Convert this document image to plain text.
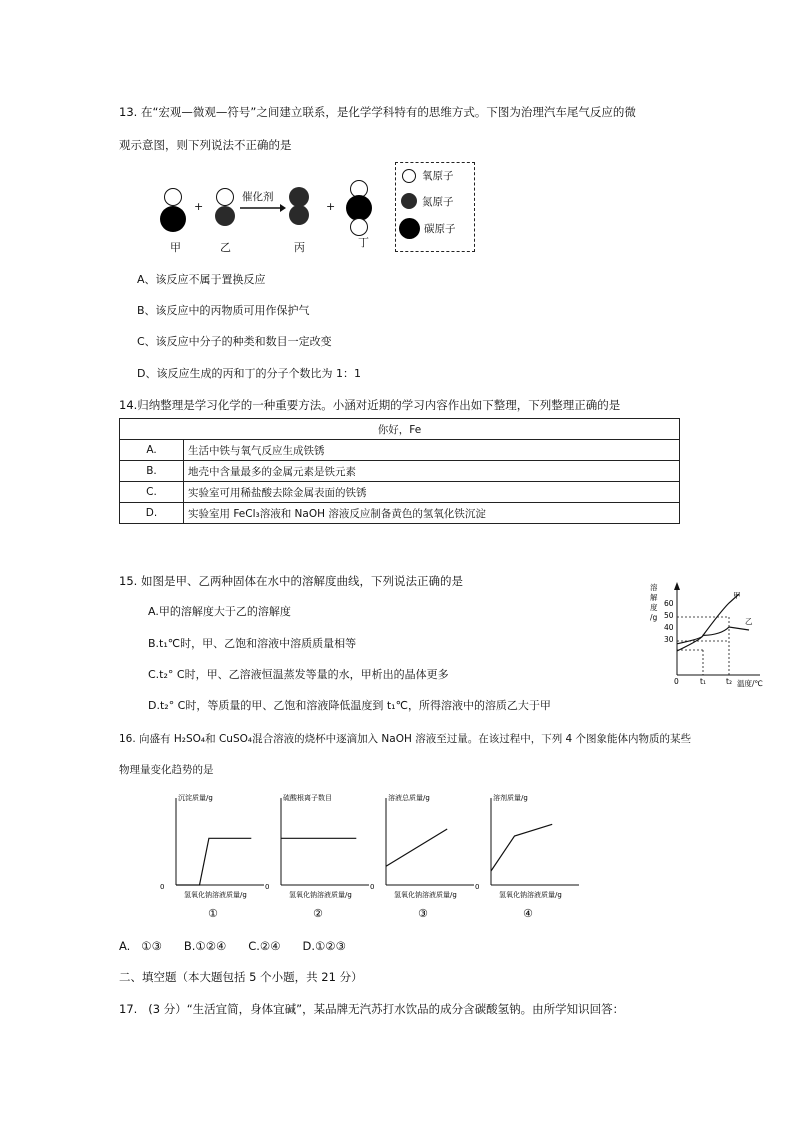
13. 在“宏观—微观—符号”之间建立联系，是化学学科特有的思维方式。下图为治理汽车尾气反应的微
观示意图，则下列说法不正确的是
+
催化剂
+
甲	乙	丙	丁
氧原子
氮原子
碳原子
A、该反应不属于置换反应
B、该反应中的丙物质可用作保护气
C、该反应中分子的种类和数目一定改变
D、该反应生成的丙和丁的分子个数比为 1：1
14.归纳整理是学习化学的一种重要方法。小涵对近期的学习内容作出如下整理，下列整理正确的是
你好，Fe	
A.	生活中铁与氧气反应生成铁锈
B.	地壳中含量最多的金属元素是铁元素
C.	实验室可用稀盐酸去除金属表面的铁锈
D.	实验室用 FeCl₃溶液和 NaOH 溶液反应制备黄色的氢氧化铁沉淀
15. 如图是甲、乙两种固体在水中的溶解度曲线，下列说法正确的是
A.甲的溶解度大于乙的溶解度
B.t₁℃时，甲、乙饱和溶液中溶质质量相等
C.t₂° C时，甲、乙溶液恒温蒸发等量的水，甲析出的晶体更多
D.t₂° C时，等质量的甲、乙饱和溶液降低温度到 t₁℃，所得溶液中的溶质乙大于甲
溶解度/g
60
50
40
30
甲
乙
0	t₁	t₂ 温度/℃
16. 向盛有 H₂SO₄和 CuSO₄混合溶液的烧杯中逐滴加入 NaOH 溶液至过量。在该过程中，下列 4 个图象能体内物质的某些
物理量变化趋势的是
沉淀质量/g
0
氢氧化钠溶液质量/g
①
硫酸根离子数目
0
氢氧化钠溶液质量/g
②
溶液总质量/g
0
氢氧化钠溶液质量/g
③
溶剂质量/g
0
氢氧化钠溶液质量/g
④
A.   ①③      B.①②④      C.②④      D.①②③
二、填空题（本大题包括 5 个小题，共 21 分）
17.   (3 分）“生活宜简，身体宜碱”，某品牌无汽苏打水饮品的成分含碳酸氢钠。由所学知识回答：
